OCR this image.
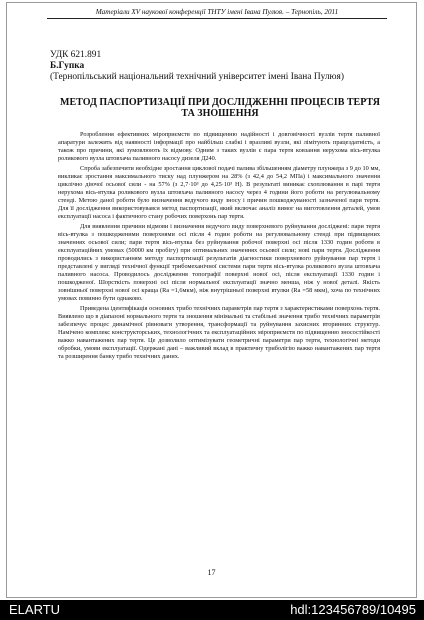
Матеріали XV наукової конференції ТНТУ імені Івана Пулюя. – Тернопіль, 2011
УДК 621.891
Б.Гупка
(Тернопільський національний технічний університет імені Івана Пулюя)
МЕТОД ПАСПОРТИЗАЦІЇ ПРИ ДОСЛІДЖЕННІ ПРОЦЕСІВ ТЕРТЯ ТА ЗНОШЕННЯ

Розроблення ефективних міроприємств по підвищенню надійності і довговічності вузлів тертя паливної апаратури залежить від наявності інформації про найбільш слабкі і вразливі вузли, які лімітують працездатність, а також про причини, які зумовлюють їх відмову. Одним з таких вузлів є пара тертя ковзання нерухома вісь-втулка роликового вузла штовхача паливного насосу дизеля Д240.

Спроба забезпечити необхідне зростання циклової подачі палива збільшенням діаметру плунжера з 9 до 10 мм, викликає зростання максимального тиску над плунжером на 28% (з 42,4 до 54,2 МПа) і максимального значення циклічно діючої осьової сили - на 57% (з 2,7·10³ до 4,25·10³ Н). В результаті виникає схоплювання в парі тертя нерухома вісь-втулка роликового вузла штовхача паливного насосу через 4 години його роботи на регулювальному стенді. Метою даної роботи було визначення ведучого виду зносу і причин пошкоджуваності зазначеної пари тертя. Для її дослідження використовувався метод паспортизації, який включає аналіз вимог на виготовлення деталей, умов експлуатації насоса і фактичного стану робочих поверхонь пар тертя.

Для виявлення причини відмови і визначення ведучого виду поверхневого руйнування досліджені: пари тертя вісь-втулка з пошкодженими поверхнями осі після 4 годин роботи на регулювальному стенді при підвищених значеннях осьової сили; пари тертя вісь-втулка без руйнування робочої поверхні осі після 1330 годин роботи в експлуатаційних умовах (50000 км пробігу) при оптимальних значеннях осьової сили; нові пари тертя. Дослідження проводились з використанням методу паспортизації результатів діагностики поверхневого руйнування пар тертя і представлені у вигляді технічної функції трибомеханічної системи пари тертя вісь-втулка роликового вузла штовхача паливного насоса. Проводилось дослідження топографії поверхні нової осі, після експлуатації 1330 годин і пошкодженої. Шорсткість поверхні осі після нормальної експлуатації значно менша, ніж у нової деталі. Якість зовнішньої поверхні нової осі краща (Ra =1,6мкм), ніж внутрішньої поверхні втулки (Ra =58 мкм), хоча по технічних умовах повинно бути однаково.

Приведена ідентифікація основних трибо технічних параметрів пар тертя з характеристиками поверхонь тертя. Виявлено що в діапазоні нормального тертя та зношення мінімальні та стабільні значення трибо технічних параметрів забезпечує процес динамічної рівноваги утворення, трансформації та руйнування захисних вторинних структур. Намічено комплекс конструкторських, технологічних та експлуатаційних міроприємств по підвищенню зносостійкості важко навантажених пар тертя. Це дозволило оптимізувати геометричні параметри пар тертя, технологічні методи обробки, умови експлуатації. Одержані дані – важливий вклад в практичну триболігію важко навантажених пар тертя та розширення банку трибо технічних даних.

17
ELARTU	hdl:123456789/10495
